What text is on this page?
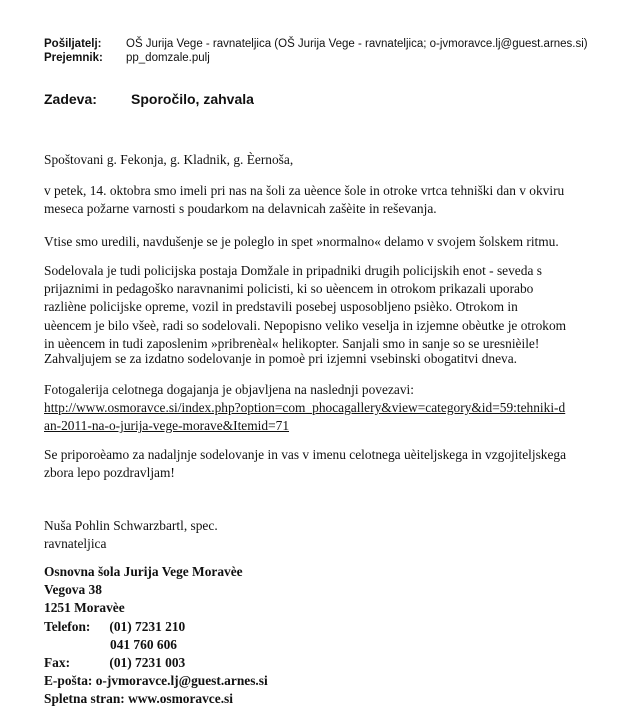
Pošiljatelj: OŠ Jurija Vege - ravnateljica (OŠ Jurija Vege - ravnateljica; o-jvmoravce.lj@guest.arnes.si)
Prejemnik: pp_domzale.pulj
Zadeva: Sporočilo, zahvala
Spoštovani g. Fekonja, g. Kladnik, g. Èernoša,
v petek, 14. oktobra smo imeli pri nas na šoli za uèence šole in otroke vrtca tehniški dan v okviru
meseca požarne varnosti s poudarkom na delavnicah zašèite in reševanja.
Vtise smo uredili, navdušenje se je poleglo in spet »normalno« delamo v svojem šolskem ritmu.
Sodelovala je tudi policijska postaja Domžale in pripadniki drugih policijskih enot - seveda s
prijaznimi in pedagoško naravnanimi policisti, ki so uèencem in otrokom prikazali uporabo
razliène policijske opreme, vozil in predstavili posebej usposobljeno psièko. Otrokom in
uèencem je bilo všeè, radi so sodelovali. Nepopisno veliko veselja in izjemne obèutke je otrokom
in uèencem in tudi zaposlenim »pribrenèal« helikopter. Sanjali smo in sanje so se uresnièile!
Zahvaljujem se za izdatno sodelovanje in pomoè pri izjemni vsebinski obogatitvi dneva.
Fotogalerija celotnega dogajanja je objavljena na naslednji povezavi:
http://www.osmoravce.si/index.php?option=com_phocagallery&view=category&id=59:tehniki-d
an-2011-na-o-jurija-vege-morave&Itemid=71
Se priporoèamo za nadaljnje sodelovanje in vas v imenu celotnega uèiteljskega in vzgojiteljskega
zbora lepo pozdravljam!
Nuša Pohlin Schwarzbartl, spec.
ravnateljica
Osnovna šola Jurija Vege Moravèe
Vegova 38
1251 Moravèe
Telefon: (01) 7231 210
041 760 606
Fax:	(01) 7231 003
E-pošta: o-jvmoravce.lj@guest.arnes.si
Spletna stran: www.osmoravce.si
